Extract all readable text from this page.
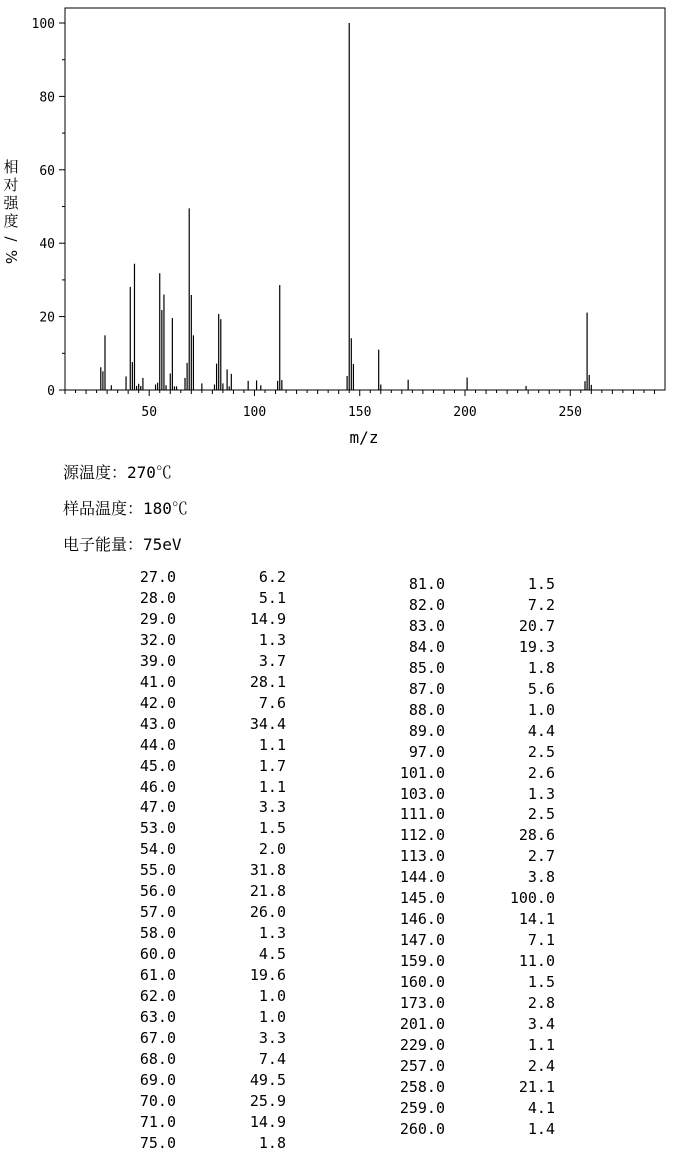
0
20
40
60
80
100
50	100	150	200	250
m/z
相
对
强
度
/
%
源温度：270℃
样品温度：180℃
电子能量：75eV
27.0	6.2
28.0	5.1
29.0	14.9
32.0	1.3
39.0	3.7
41.0	28.1
42.0	7.6
43.0	34.4
44.0	1.1
45.0	1.7
46.0	1.1
47.0	3.3
53.0	1.5
54.0	2.0
55.0	31.8
56.0	21.8
57.0	26.0
58.0	1.3
60.0	4.5
61.0	19.6
62.0	1.0
63.0	1.0
67.0	3.3
68.0	7.4
69.0	49.5
70.0	25.9
71.0	14.9
75.0	1.8
81.0	1.5
82.0	7.2
83.0	20.7
84.0	19.3
85.0	1.8
87.0	5.6
88.0	1.0
89.0	4.4
97.0	2.5
101.0	2.6
103.0	1.3
111.0	2.5
112.0	28.6
113.0	2.7
144.0	3.8
145.0	100.0
146.0	14.1
147.0	7.1
159.0	11.0
160.0	1.5
173.0	2.8
201.0	3.4
229.0	1.1
257.0	2.4
258.0	21.1
259.0	4.1
260.0	1.4
